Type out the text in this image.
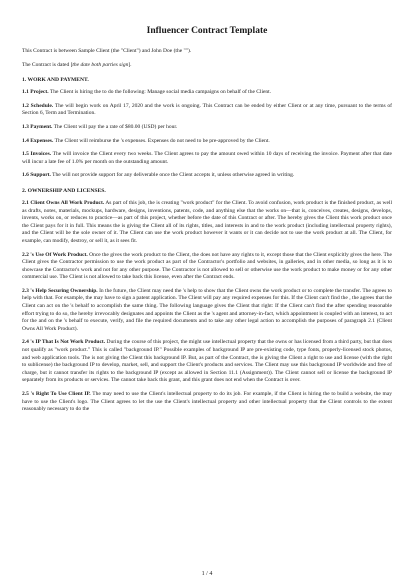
Influencer Contract Template

This Contract is between Sample Client (the "Client") and John Doe (the "").

The Contract is dated [the date both parties sign].

1. WORK AND PAYMENT.

1.1 Project. The Client is hiring the to do the following: Manage social media campaigns on behalf of the Client.

1.2 Schedule. The will begin work on April 17, 2020 and the work is ongoing. This Contract can be ended by either Client or at any time, pursuant to the terms of Section 6, Term and Termination.

1.3 Payment. The Client will pay the a rate of $80.00 (USD) per hour.

1.4 Expenses. The Client will reimburse the 's expenses. Expenses do not need to be pre-approved by the Client.

1.5 Invoices. The will invoice the Client every two weeks. The Client agrees to pay the amount owed within 10 days of receiving the invoice. Payment after that date will incur a late fee of 1.0% per month on the outstanding amount.

1.6 Support. The will not provide support for any deliverable once the Client accepts it, unless otherwise agreed in writing.

2. OWNERSHIP AND LICENSES.

2.1 Client Owns All Work Product. As part of this job, the is creating "work product" for the Client. To avoid confusion, work product is the finished product, as well as drafts, notes, materials, mockups, hardware, designs, inventions, patents, code, and anything else that the works on—that is, conceives, creates, designs, develops, invents, works on, or reduces to practice—as part of this project, whether before the date of this Contract or after. The hereby gives the Client this work product once the Client pays for it in full. This means the is giving the Client all of its rights, titles, and interests in and to the work product (including intellectual property rights), and the Client will be the sole owner of it. The Client can use the work product however it wants or it can decide not to use the work product at all. The Client, for example, can modify, destroy, or sell it, as it sees fit.

2.2 's Use Of Work Product. Once the gives the work product to the Client, the does not have any rights to it, except those that the Client explicitly gives the here. The Client gives the Contractor permission to use the work product as part of the Contractor's portfolio and websites, in galleries, and in other media, so long as it is to showcase the Contractor's work and not for any other purpose. The Contractor is not allowed to sell or otherwise use the work product to make money or for any other commercial use. The Client is not allowed to take back this license, even after the Contract ends.

2.3 's Help Securing Ownership. In the future, the Client may need the 's help to show that the Client owns the work product or to complete the transfer. The agrees to help with that. For example, the may have to sign a patent application. The Client will pay any required expenses for this. If the Client can't find the , the agrees that the Client can act on the 's behalf to accomplish the same thing. The following language gives the Client that right: If the Client can't find the after spending reasonable effort trying to do so, the hereby irrevocably designates and appoints the Client as the 's agent and attorney-in-fact, which appointment is coupled with an interest, to act for the and on the 's behalf to execute, verify, and file the required documents and to take any other legal action to accomplish the purposes of paragraph 2.1 (Client Owns All Work Product).

2.4 's IP That Is Not Work Product. During the course of this project, the might use intellectual property that the owns or has licensed from a third party, but that does not qualify as "work product." This is called "background IP." Possible examples of background IP are pre-existing code, type fonts, properly-licensed stock photos, and web application tools. The is not giving the Client this background IP. But, as part of the Contract, the is giving the Client a right to use and license (with the right to sublicense) the background IP to develop, market, sell, and support the Client's products and services. The Client may use this background IP worldwide and free of charge, but it cannot transfer its rights to the background IP (except as allowed in Section 11.1 (Assignment)). The Client cannot sell or license the background IP separately from its products or services. The cannot take back this grant, and this grant does not end when the Contract is over.

2.5 's Right To Use Client IP. The may need to use the Client's intellectual property to do its job. For example, if the Client is hiring the to build a website, the may have to use the Client's logo. The Client agrees to let the use the Client's intellectual property and other intellectual property that the Client controls to the extent reasonably necessary to do the

1 / 4
